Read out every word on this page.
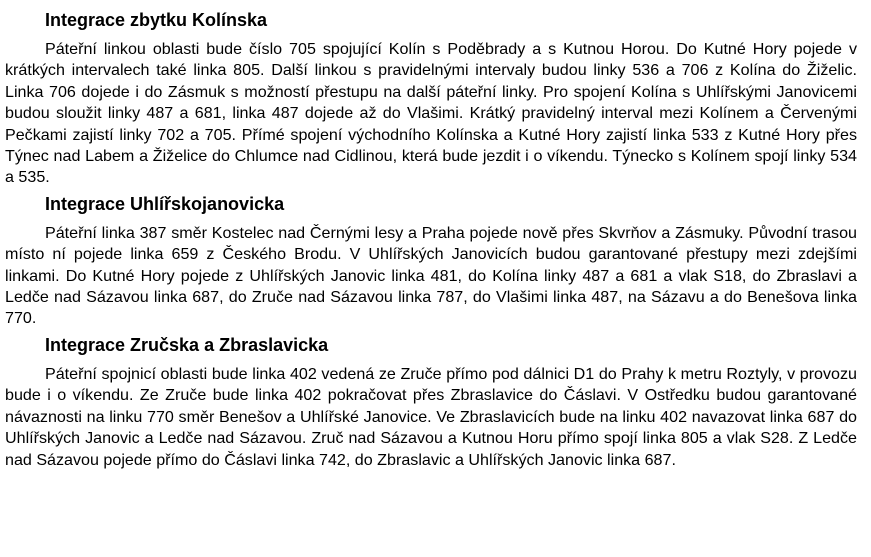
Integrace zbytku Kolínska

Páteřní linkou oblasti bude číslo 705 spojující Kolín s Poděbrady a s Kutnou Horou. Do Kutné Hory pojede v krátkých intervalech také linka 805. Další linkou s pravidelnými intervaly budou linky 536 a 706 z Kolína do Žiželic. Linka 706 dojede i do Zásmuk s možností přestupu na další páteřní linky. Pro spojení Kolína s Uhlířskými Janovicemi budou sloužit linky 487 a 681, linka 487 dojede až do Vlašimi. Krátký pravidelný interval mezi Kolínem a Červenými Pečkami zajistí linky 702 a 705. Přímé spojení východního Kolínska a Kutné Hory zajistí linka 533 z Kutné Hory přes Týnec nad Labem a Žiželice do Chlumce nad Cidlinou, která bude jezdit i o víkendu. Týnecko s Kolínem spojí linky 534 a 535.

Integrace Uhlířskojanovicka

Páteřní linka 387 směr Kostelec nad Černými lesy a Praha pojede nově přes Skvrňov a Zásmuky. Původní trasou místo ní pojede linka 659 z Českého Brodu. V Uhlířských Janovicích budou garantované přestupy mezi zdejšími linkami. Do Kutné Hory pojede z Uhlířských Janovic linka 481, do Kolína linky 487 a 681 a vlak S18, do Zbraslavi a Ledče nad Sázavou linka 687, do Zruče nad Sázavou linka 787, do Vlašimi linka 487, na Sázavu a do Benešova linka 770.

Integrace Zručska a Zbraslavicka

Páteřní spojnicí oblasti bude linka 402 vedená ze Zruče přímo pod dálnici D1 do Prahy k metru Roztyly, v provozu bude i o víkendu. Ze Zruče bude linka 402 pokračovat přes Zbraslavice do Čáslavi. V Ostředku budou garantované návaznosti na linku 770 směr Benešov a Uhlířské Janovice. Ve Zbraslavicích bude na linku 402 navazovat linka 687 do Uhlířských Janovic a Ledče nad Sázavou. Zruč nad Sázavou a Kutnou Horu přímo spojí linka 805 a vlak S28. Z Ledče nad Sázavou pojede přímo do Čáslavi linka 742, do Zbraslavic a Uhlířských Janovic linka 687.
